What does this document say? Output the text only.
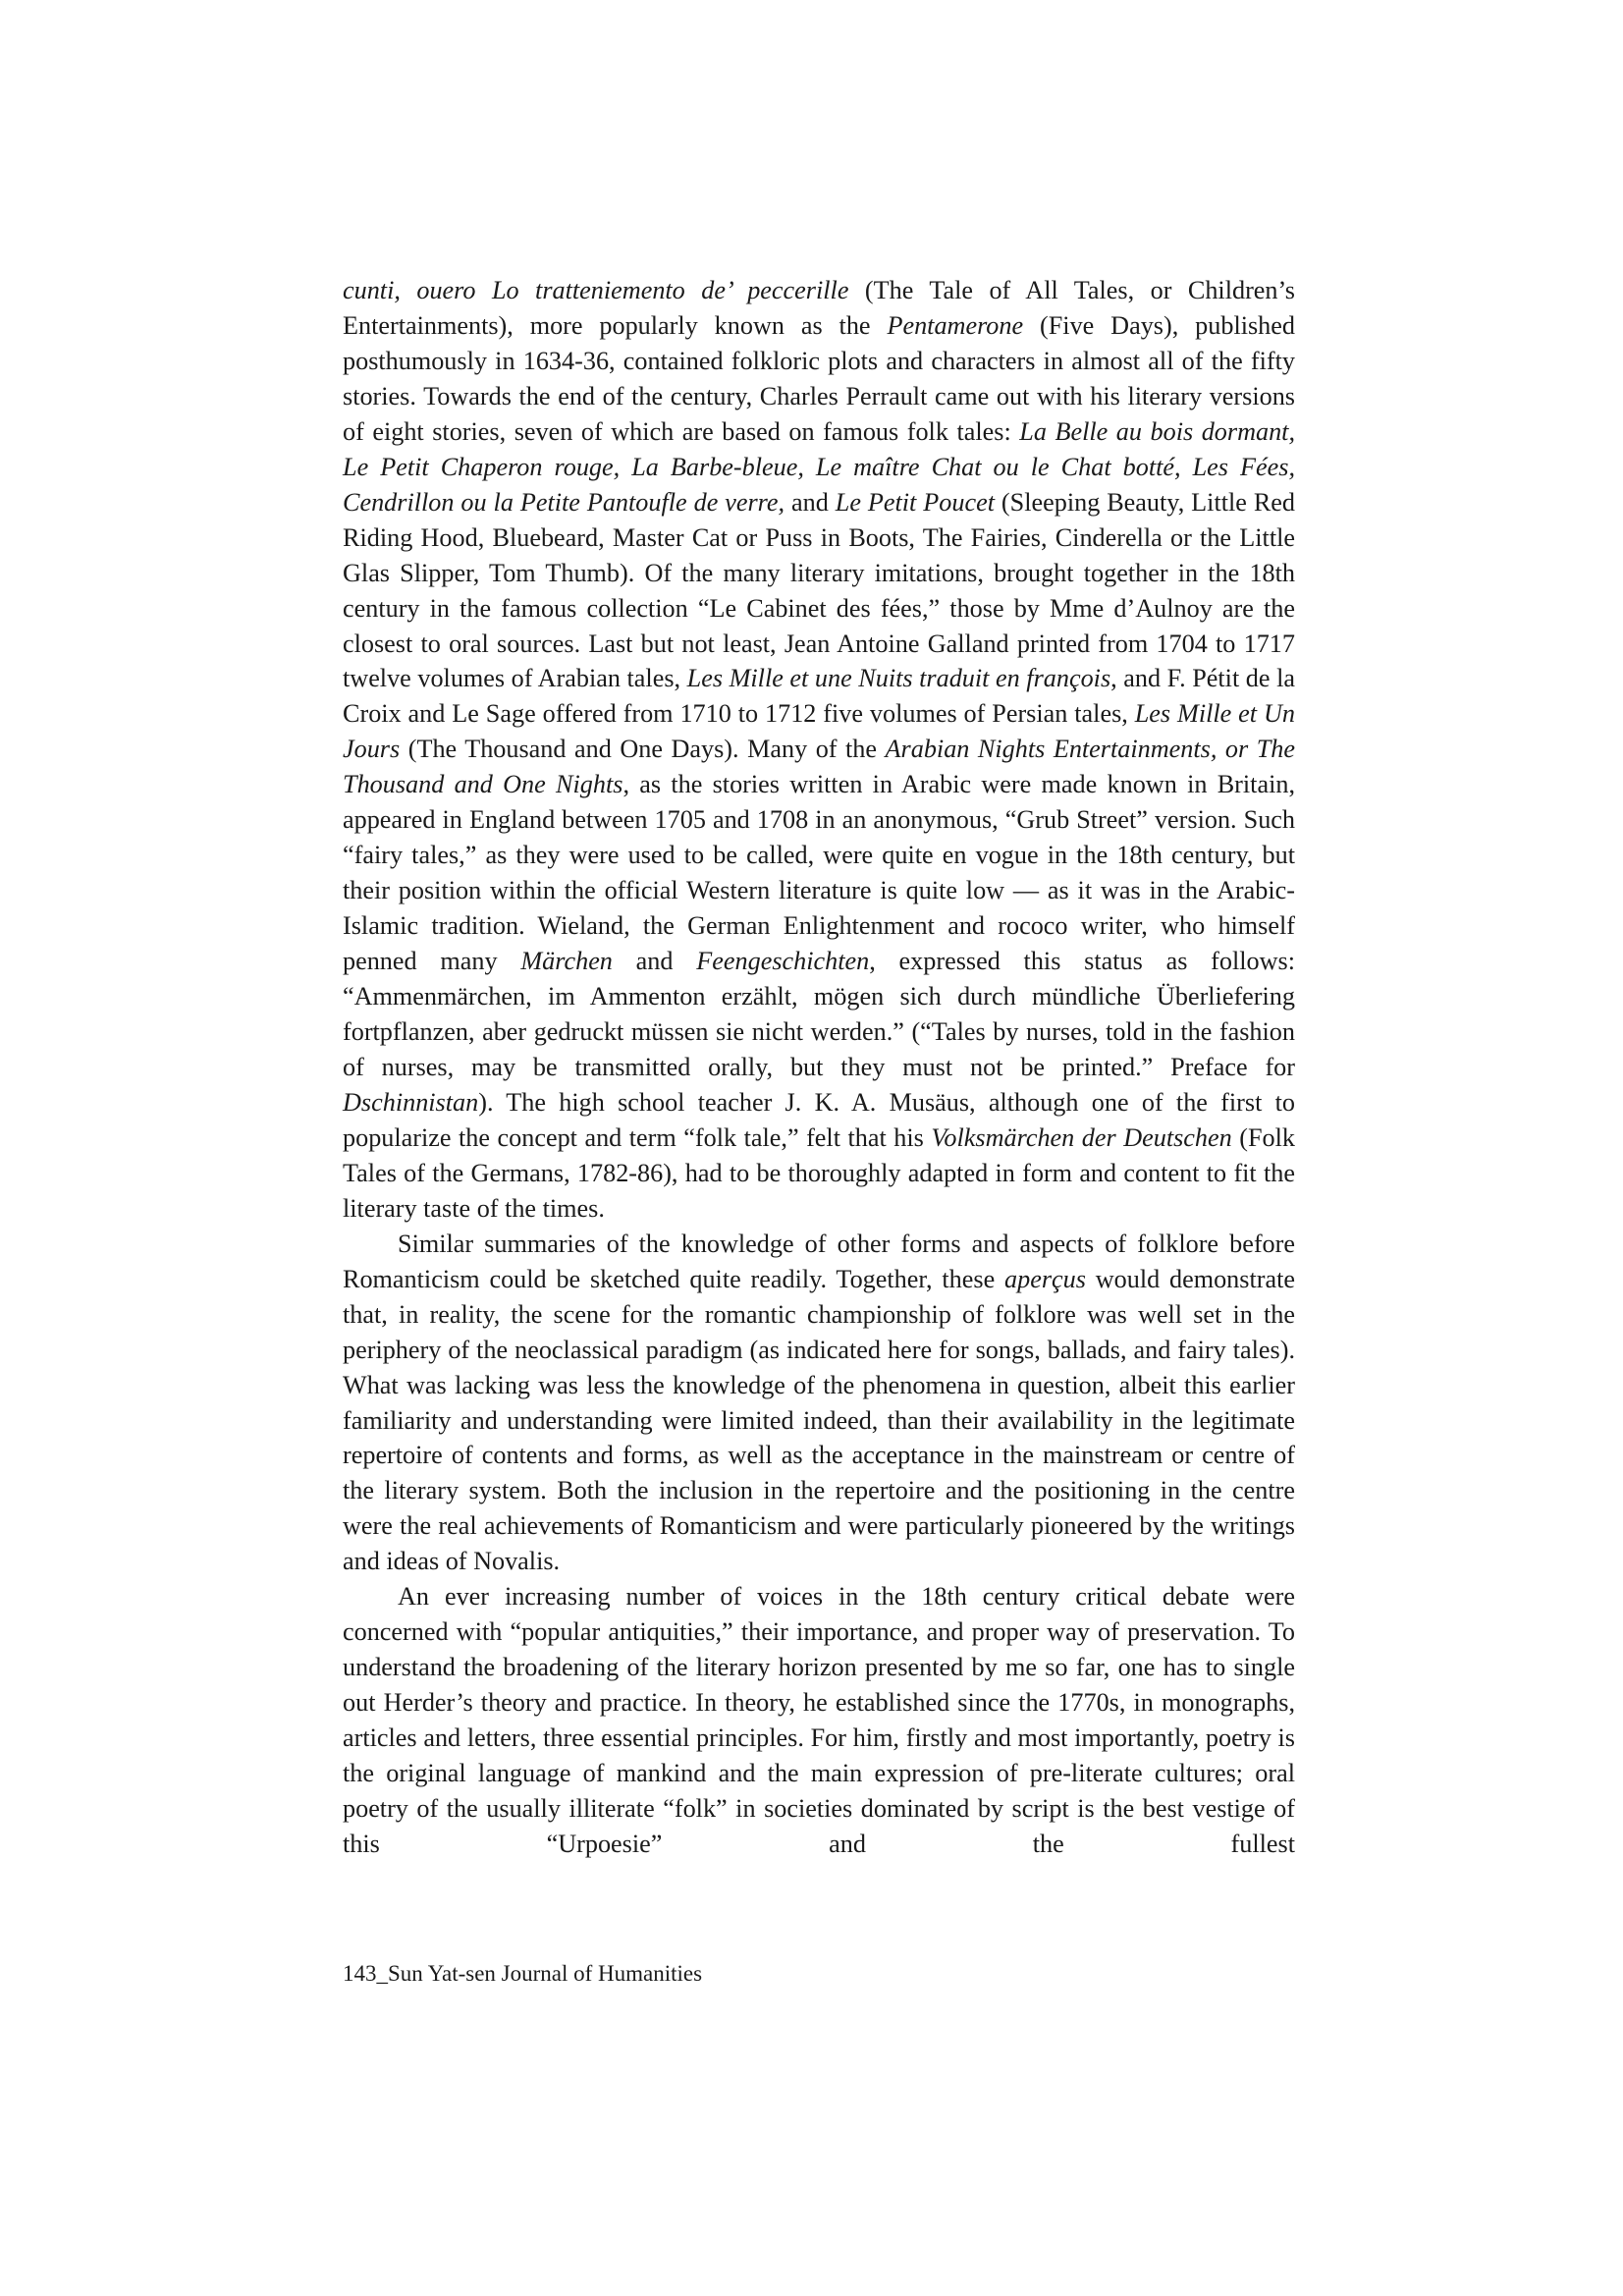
cunti, ouero Lo tratteniemento de’ peccerille (The Tale of All Tales, or Children’s Entertainments), more popularly known as the Pentamerone (Five Days), published posthumously in 1634-36, contained folkloric plots and characters in almost all of the fifty stories. Towards the end of the century, Charles Perrault came out with his literary versions of eight stories, seven of which are based on famous folk tales: La Belle au bois dormant, Le Petit Chaperon rouge, La Barbe-bleue, Le maître Chat ou le Chat botté, Les Fées, Cendrillon ou la Petite Pantoufle de verre, and Le Petit Poucet (Sleeping Beauty, Little Red Riding Hood, Bluebeard, Master Cat or Puss in Boots, The Fairies, Cinderella or the Little Glas Slipper, Tom Thumb). Of the many literary imitations, brought together in the 18th century in the famous collection “Le Cabinet des fées,” those by Mme d’Aulnoy are the closest to oral sources. Last but not least, Jean Antoine Galland printed from 1704 to 1717 twelve volumes of Arabian tales, Les Mille et une Nuits traduit en françois, and F. Pétit de la Croix and Le Sage offered from 1710 to 1712 five volumes of Persian tales, Les Mille et Un Jours (The Thousand and One Days). Many of the Arabian Nights Entertainments, or The Thousand and One Nights, as the stories written in Arabic were made known in Britain, appeared in England between 1705 and 1708 in an anonymous, “Grub Street” version. Such “fairy tales,” as they were used to be called, were quite en vogue in the 18th century, but their position within the official Western literature is quite low — as it was in the Arabic-Islamic tradition. Wieland, the German Enlightenment and rococo writer, who himself penned many Märchen and Feengeschichten, expressed this status as follows: “Ammenmärchen, im Ammenton erzählt, mögen sich durch mündliche Überliefering fortpflanzen, aber gedruckt müssen sie nicht werden.” (“Tales by nurses, told in the fashion of nurses, may be transmitted orally, but they must not be printed.” Preface for Dschinnistan). The high school teacher J. K. A. Musäus, although one of the first to popularize the concept and term “folk tale,” felt that his Volksmärchen der Deutschen (Folk Tales of the Germans, 1782-86), had to be thoroughly adapted in form and content to fit the literary taste of the times.

Similar summaries of the knowledge of other forms and aspects of folklore before Romanticism could be sketched quite readily. Together, these aperçus would demonstrate that, in reality, the scene for the romantic championship of folklore was well set in the periphery of the neoclassical paradigm (as indicated here for songs, ballads, and fairy tales). What was lacking was less the knowledge of the phenomena in question, albeit this earlier familiarity and understanding were limited indeed, than their availability in the legitimate repertoire of contents and forms, as well as the acceptance in the mainstream or centre of the literary system. Both the inclusion in the repertoire and the positioning in the centre were the real achievements of Romanticism and were particularly pioneered by the writings and ideas of Novalis.

An ever increasing number of voices in the 18th century critical debate were concerned with “popular antiquities,” their importance, and proper way of preservation. To understand the broadening of the literary horizon presented by me so far, one has to single out Herder’s theory and practice. In theory, he established since the 1770s, in monographs, articles and letters, three essential principles. For him, firstly and most importantly, poetry is the original language of mankind and the main expression of pre-literate cultures; oral poetry of the usually illiterate “folk” in societies dominated by script is the best vestige of this “Urpoesie” and the fullest

143_Sun Yat-sen Journal of Humanities
